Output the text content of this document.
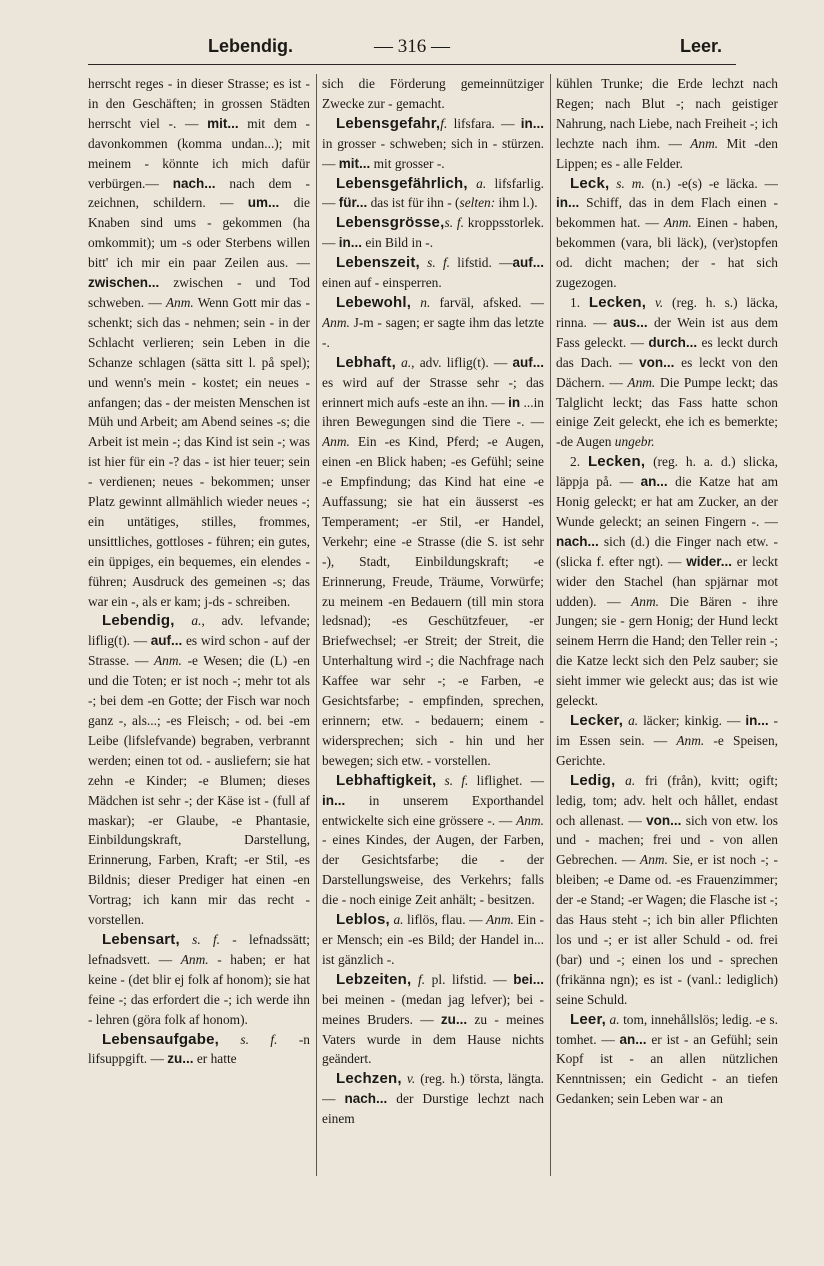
Lebendig.	— 316 —	Leer.

herrscht reges - in dieser Strasse; es ist - in den Geschäften; in grossen Städten herrscht viel -. — mit... mit dem - davonkommen (komma undan...); mit meinem - könnte ich mich dafür verbürgen.— nach... nach dem - zeichnen, schildern. — um... die Knaben sind ums - gekommen (ha omkommit); um -s oder Sterbens willen bitt' ich mir ein paar Zeilen aus. — zwischen... zwischen - und Tod schweben. — Anm. Wenn Gott mir das - schenkt; sich das - nehmen; sein - in der Schlacht verlieren; sein Leben in die Schanze schlagen (sätta sitt l. på spel); und wenn's mein - kostet; ein neues - anfangen; das - der meisten Menschen ist Müh und Arbeit; am Abend seines -s; die Arbeit ist mein -; das Kind ist sein -; was ist hier für ein -? das - ist hier teuer; sein - verdienen; neues - bekommen; unser Platz gewinnt allmählich wieder neues -; ein untätiges, stilles, frommes, unsittliches, gottloses - führen; ein gutes, ein üppiges, ein bequemes, ein elendes - führen; Ausdruck des gemeinen -s; das war ein -, als er kam; j-ds - schreiben.

Lebendig, a., adv. lefvande; liflig(t). — auf... es wird schon - auf der Strasse. — Anm. -e Wesen; die (L) -en und die Toten; er ist noch -; mehr tot als -; bei dem -en Gotte; der Fisch war noch ganz -, als...; -es Fleisch; - od. bei -em Leibe (lifslefvande) begraben, verbrannt werden; einen tot od. - ausliefern; sie hat zehn -e Kinder; -e Blumen; dieses Mädchen ist sehr -; der Käse ist - (full af maskar); -er Glaube, -e Phantasie, Einbildungskraft, Darstellung, Erinnerung, Farben, Kraft; -er Stil, -es Bildnis; dieser Prediger hat einen -en Vortrag; ich kann mir das recht - vorstellen.

Lebensart, s. f. - lefnadssätt; lefnadsvett. — Anm. - haben; er hat keine - (det blir ej folk af honom); sie hat feine -; das erfordert die -; ich werde ihn - lehren (göra folk af honom).

Lebensaufgabe, s. f. -n lifsuppgift. — zu... er hatte

sich die Förderung gemeinnütziger Zwecke zur - gemacht.

Lebensgefahr,f. lifsfara. — in... in grosser - schweben; sich in - stürzen. — mit... mit grosser -.

Lebensgefährlich, a. lifsfarlig. — für... das ist für ihn - (selten: ihm l.).

Lebensgrösse,s. f. kroppsstorlek. — in... ein Bild in -.

Lebenszeit, s. f. lifstid. —auf... einen auf - einsperren.

Lebewohl, n. farväl, afsked. — Anm. J-m - sagen; er sagte ihm das letzte -.

Lebhaft, a., adv. liflig(t). — auf... es wird auf der Strasse sehr -; das erinnert mich aufs -este an ihn. — in ...in ihren Bewegungen sind die Tiere -. — Anm. Ein -es Kind, Pferd; -e Augen, einen -en Blick haben; -es Gefühl; seine -e Empfindung; das Kind hat eine -e Auffassung; sie hat ein äusserst -es Temperament; -er Stil, -er Handel, Verkehr; eine -e Strasse (die S. ist sehr -), Stadt, Einbildungskraft; -e Erinnerung, Freude, Träume, Vorwürfe; zu meinem -en Bedauern (till min stora ledsnad); -es Geschützfeuer, -er Briefwechsel; -er Streit; der Streit, die Unterhaltung wird -; die Nachfrage nach Kaffee war sehr -; -e Farben, -e Gesichtsfarbe; - empfinden, sprechen, erinnern; etw. - bedauern; einem - widersprechen; sich - hin und her bewegen; sich etw. - vorstellen.

Lebhaftigkeit, s. f. liflighet. — in... in unserem Exporthandel entwickelte sich eine grössere -. — Anm. - eines Kindes, der Augen, der Farben, der Gesichtsfarbe; die - der Darstellungsweise, des Verkehrs; falls die - noch einige Zeit anhält; - besitzen.

Leblos, a. liflös, flau. — Anm. Ein -er Mensch; ein -es Bild; der Handel in... ist gänzlich -.

Lebzeiten, f. pl. lifstid. — bei... bei meinen - (medan jag lefver); bei - meines Bruders. — zu... zu - meines Vaters wurde in dem Hause nichts geändert.

Lechzen, v. (reg. h.) törsta, längta. — nach... der Durstige lechzt nach einem

kühlen Trunke; die Erde lechzt nach Regen; nach Blut -; nach geistiger Nahrung, nach Liebe, nach Freiheit -; ich lechzte nach ihm. — Anm. Mit -den Lippen; es - alle Felder.

Leck, s. m. (n.) -e(s) -e läcka. — in... Schiff, das in dem Flach einen - bekommen hat. — Anm. Einen - haben, bekommen (vara, bli läck), (ver)stopfen od. dicht machen; der - hat sich zugezogen.

1. Lecken, v. (reg. h. s.) läcka, rinna. — aus... der Wein ist aus dem Fass geleckt. — durch... es leckt durch das Dach. — von... es leckt von den Dächern. — Anm. Die Pumpe leckt; das Talglicht leckt; das Fass hatte schon einige Zeit geleckt, ehe ich es bemerkte; -de Augen ungebr.

2. Lecken, (reg. h. a. d.) slicka, läppja på. — an... die Katze hat am Honig geleckt; er hat am Zucker, an der Wunde geleckt; an seinen Fingern -. — nach... sich (d.) die Finger nach etw. - (slicka f. efter ngt). — wider... er leckt wider den Stachel (han spjärnar mot udden). — Anm. Die Bären - ihre Jungen; sie - gern Honig; der Hund leckt seinem Herrn die Hand; den Teller rein -; die Katze leckt sich den Pelz sauber; sie sieht immer wie geleckt aus; das ist wie geleckt.

Lecker, a. läcker; kinkig. — in... - im Essen sein. — Anm. -e Speisen, Gerichte.

Ledig, a. fri (från), kvitt; ogift; ledig, tom; adv. helt och hållet, endast och allenast. — von... sich von etw. los und - machen; frei und - von allen Gebrechen. — Anm. Sie, er ist noch -; - bleiben; -e Dame od. -es Frauenzimmer; der -e Stand; -er Wagen; die Flasche ist -; das Haus steht -; ich bin aller Pflichten los und -; er ist aller Schuld - od. frei (bar) und -; einen los und - sprechen (frikänna ngn); es ist - (vanl.: lediglich) seine Schuld.

Leer, a. tom, innehållslös; ledig. -e s. tomhet. — an... er ist - an Gefühl; sein Kopf ist - an allen nützlichen Kenntnissen; ein Gedicht - an tiefen Gedanken; sein Leben war - an
